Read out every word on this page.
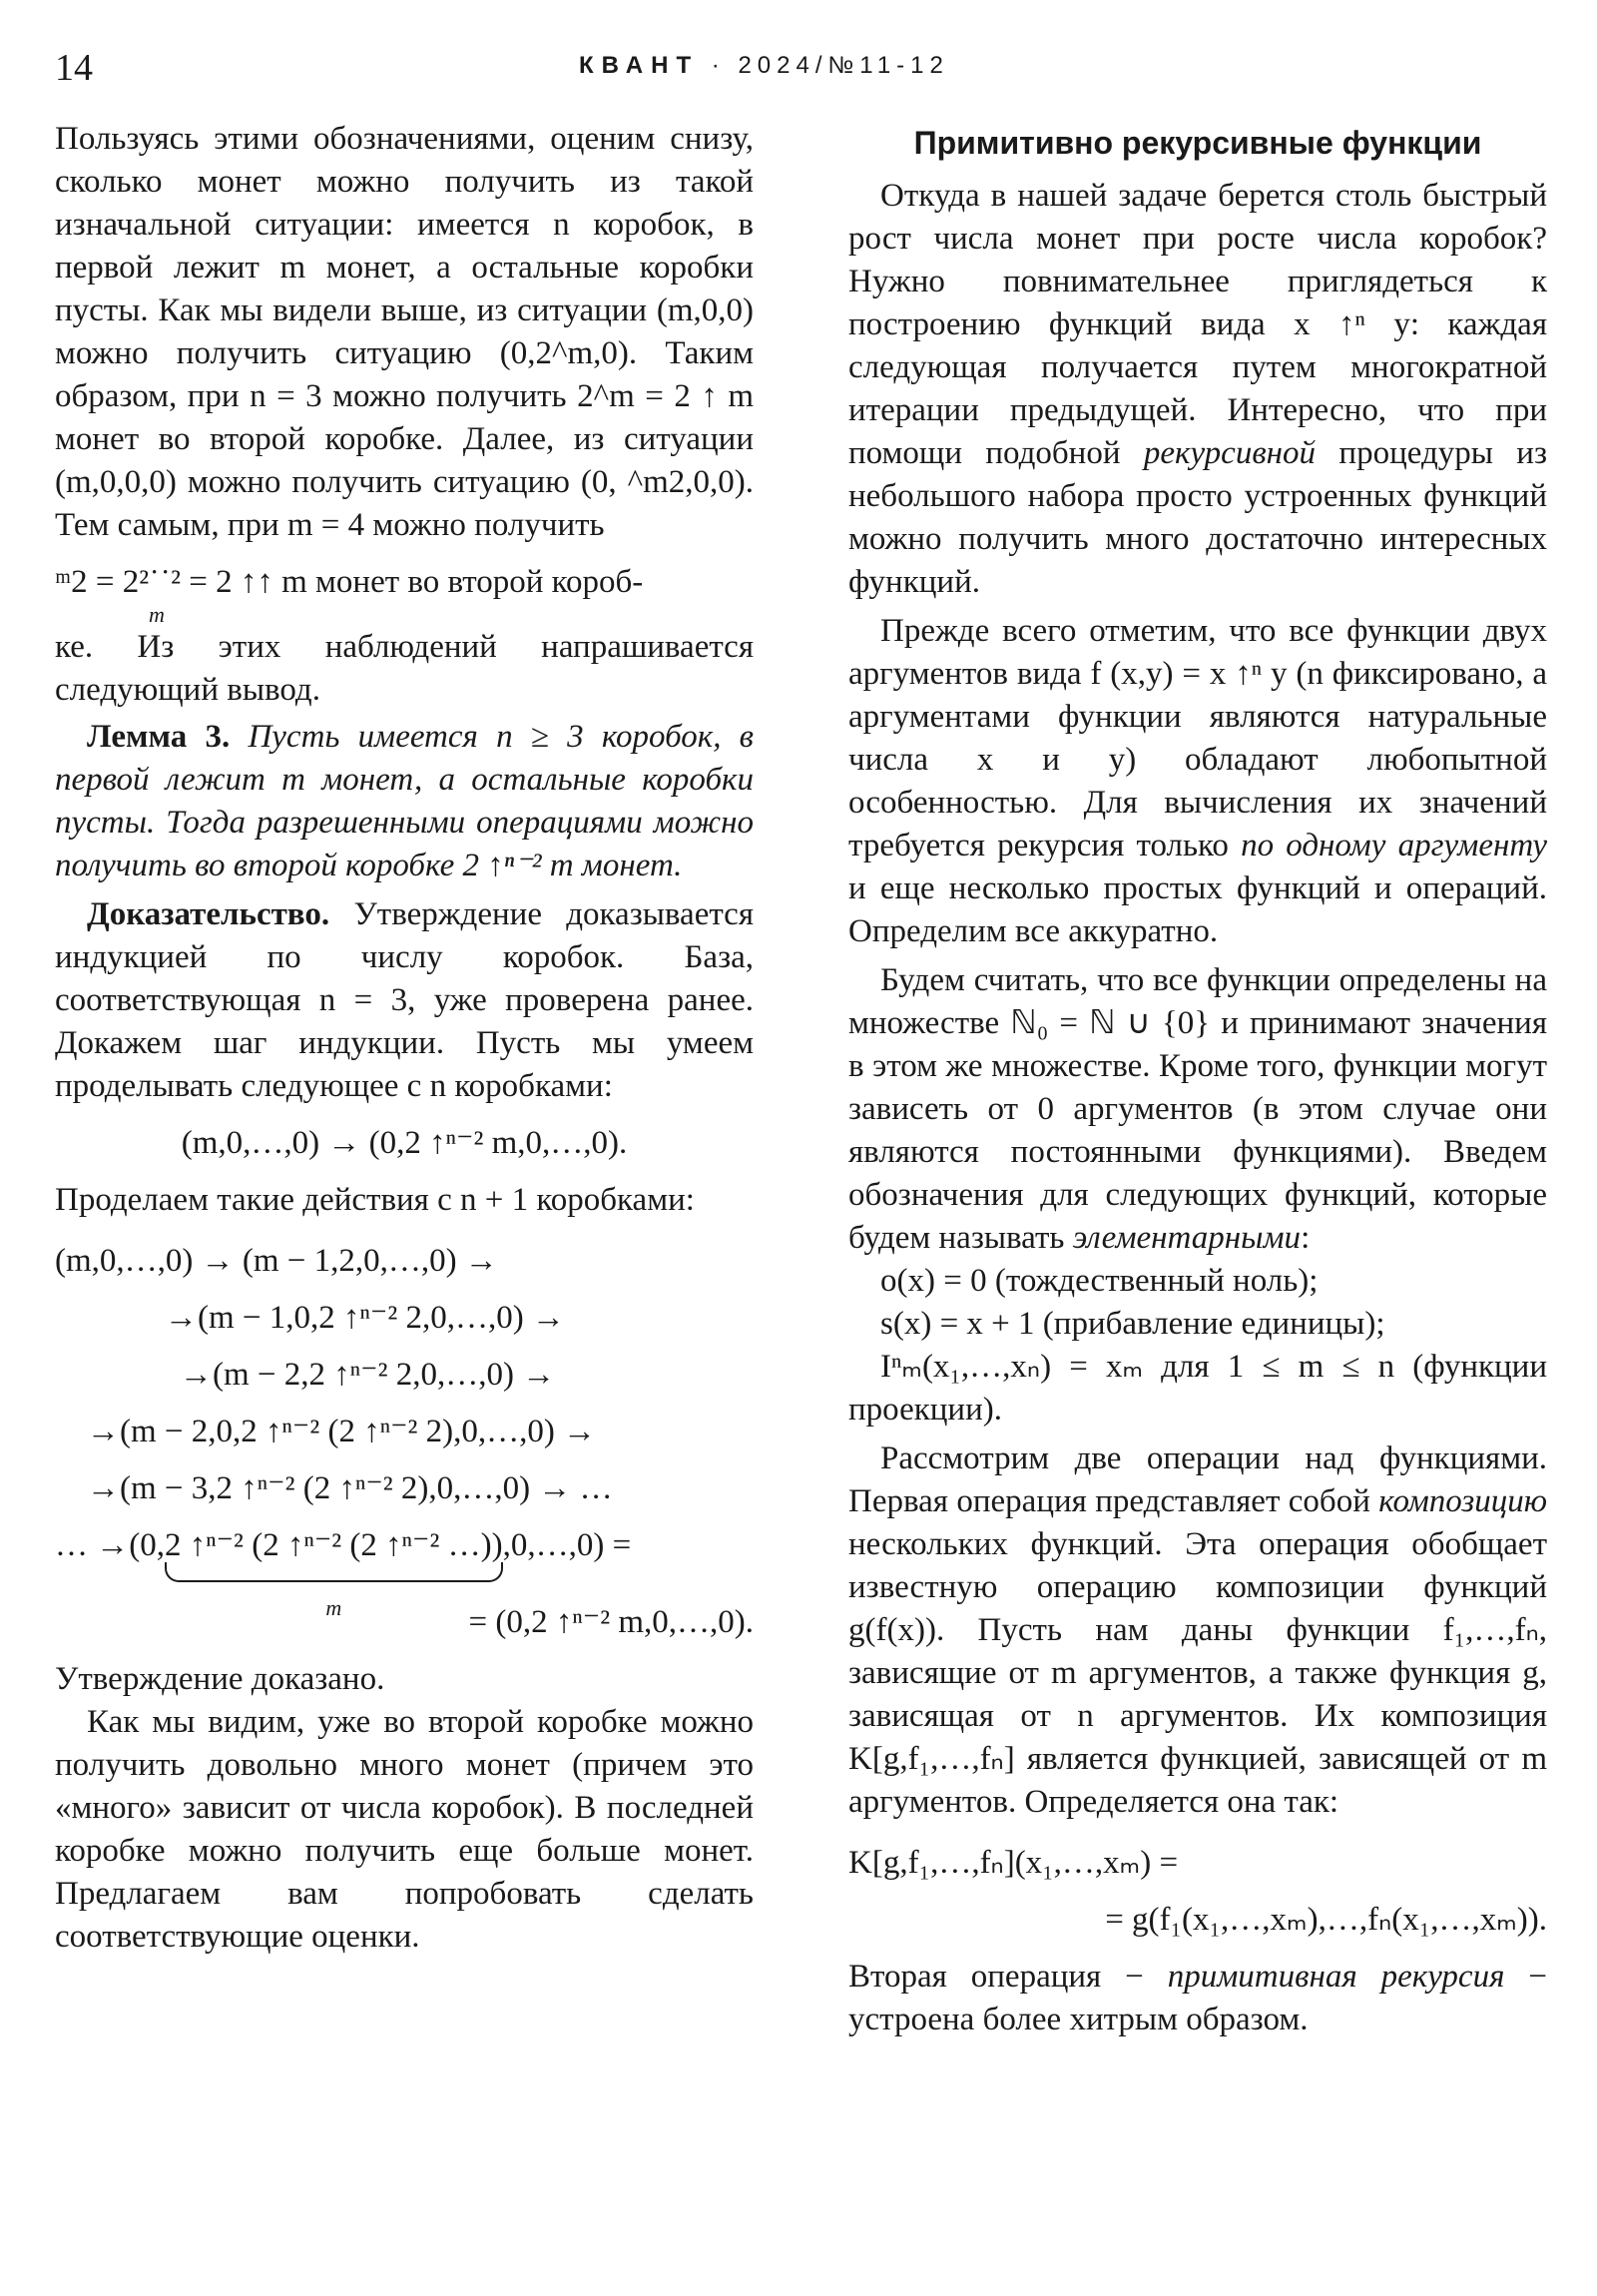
14	КВАНТ · 2024/№11-12

Пользуясь этими обозначениями, оценим снизу, сколько монет можно получить из такой изначальной ситуации: имеется n коробок, в первой лежит m монет, а остальные коробки пусты. Как мы видели выше, из ситуации (m,0,0) можно получить ситуацию (0,2^m,0). Таким образом, при n = 3 можно получить 2^m = 2 ↑ m монет во второй коробке. Далее, из ситуации (m,0,0,0) можно получить ситуацию (0, ^m2,0,0). Тем самым, при m = 4 можно получить

ᵐ2 = 2²˙˙² = 2 ↑↑ m монет во второй короб-
m

ке. Из этих наблюдений напрашивается следующий вывод.

Лемма 3. Пусть имеется n ≥ 3 коробок, в первой лежит m монет, а остальные коробки пусты. Тогда разрешенными операциями можно получить во второй коробке 2 ↑ⁿ⁻² m монет.

Доказательство. Утверждение доказывается индукцией по числу коробок. База, соответствующая n = 3, уже проверена ранее. Докажем шаг индукции. Пусть мы умеем проделывать следующее с n коробками:

(m,0,…,0) → (0,2 ↑ⁿ⁻² m,0,…,0).

Проделаем такие действия с n + 1 коробками:

(m,0,…,0) → (m − 1,2,0,…,0) →
→(m − 1,0,2 ↑ⁿ⁻² 2,0,…,0) →
→(m − 2,2 ↑ⁿ⁻² 2,0,…,0) →
→(m − 2,0,2 ↑ⁿ⁻² (2 ↑ⁿ⁻² 2),0,…,0) →
→(m − 3,2 ↑ⁿ⁻² (2 ↑ⁿ⁻² 2),0,…,0) → …
… →(0,2 ↑ⁿ⁻² (2 ↑ⁿ⁻² (2 ↑ⁿ⁻² …))
m
,0,…,0) =
= (0,2 ↑ⁿ⁻² m,0,…,0).

Утверждение доказано.

Как мы видим, уже во второй коробке можно получить довольно много монет (причем это «много» зависит от числа коробок). В последней коробке можно получить еще больше монет. Предлагаем вам попробовать сделать соответствующие оценки.

Примитивно рекурсивные функции

Откуда в нашей задаче берется столь быстрый рост числа монет при росте числа коробок? Нужно повнимательнее приглядеться к построению функций вида x ↑ⁿ y: каждая следующая получается путем многократной итерации предыдущей. Интересно, что при помощи подобной рекурсивной процедуры из небольшого набора просто устроенных функций можно получить много достаточно интересных функций.

Прежде всего отметим, что все функции двух аргументов вида f (x,y) = x ↑ⁿ y (n фиксировано, а аргументами функции являются натуральные числа x и y) обладают любопытной особенностью. Для вычисления их значений требуется рекурсия только по одному аргументу и еще несколько простых функций и операций. Определим все аккуратно.

Будем считать, что все функции определены на множестве ℕ₀ = ℕ ∪ {0} и принимают значения в этом же множестве. Кроме того, функции могут зависеть от 0 аргументов (в этом случае они являются постоянными функциями). Введем обозначения для следующих функций, которые будем называть элементарными:

o(x) = 0 (тождественный ноль);

s(x) = x + 1 (прибавление единицы);

Iⁿₘ(x₁,…,xₙ) = xₘ для 1 ≤ m ≤ n (функции проекции).

Рассмотрим две операции над функциями. Первая операция представляет собой композицию нескольких функций. Эта операция обобщает известную операцию композиции функций g(f(x)). Пусть нам даны функции f₁,…,fₙ, зависящие от m аргументов, а также функция g, зависящая от n аргументов. Их композиция K[g,f₁,…,fₙ] является функцией, зависящей от m аргументов. Определяется она так:

K[g,f₁,…,fₙ](x₁,…,xₘ) =
= g(f₁(x₁,…,xₘ),…,fₙ(x₁,…,xₘ)).

Вторая операция − примитивная рекурсия − устроена более хитрым образом.
